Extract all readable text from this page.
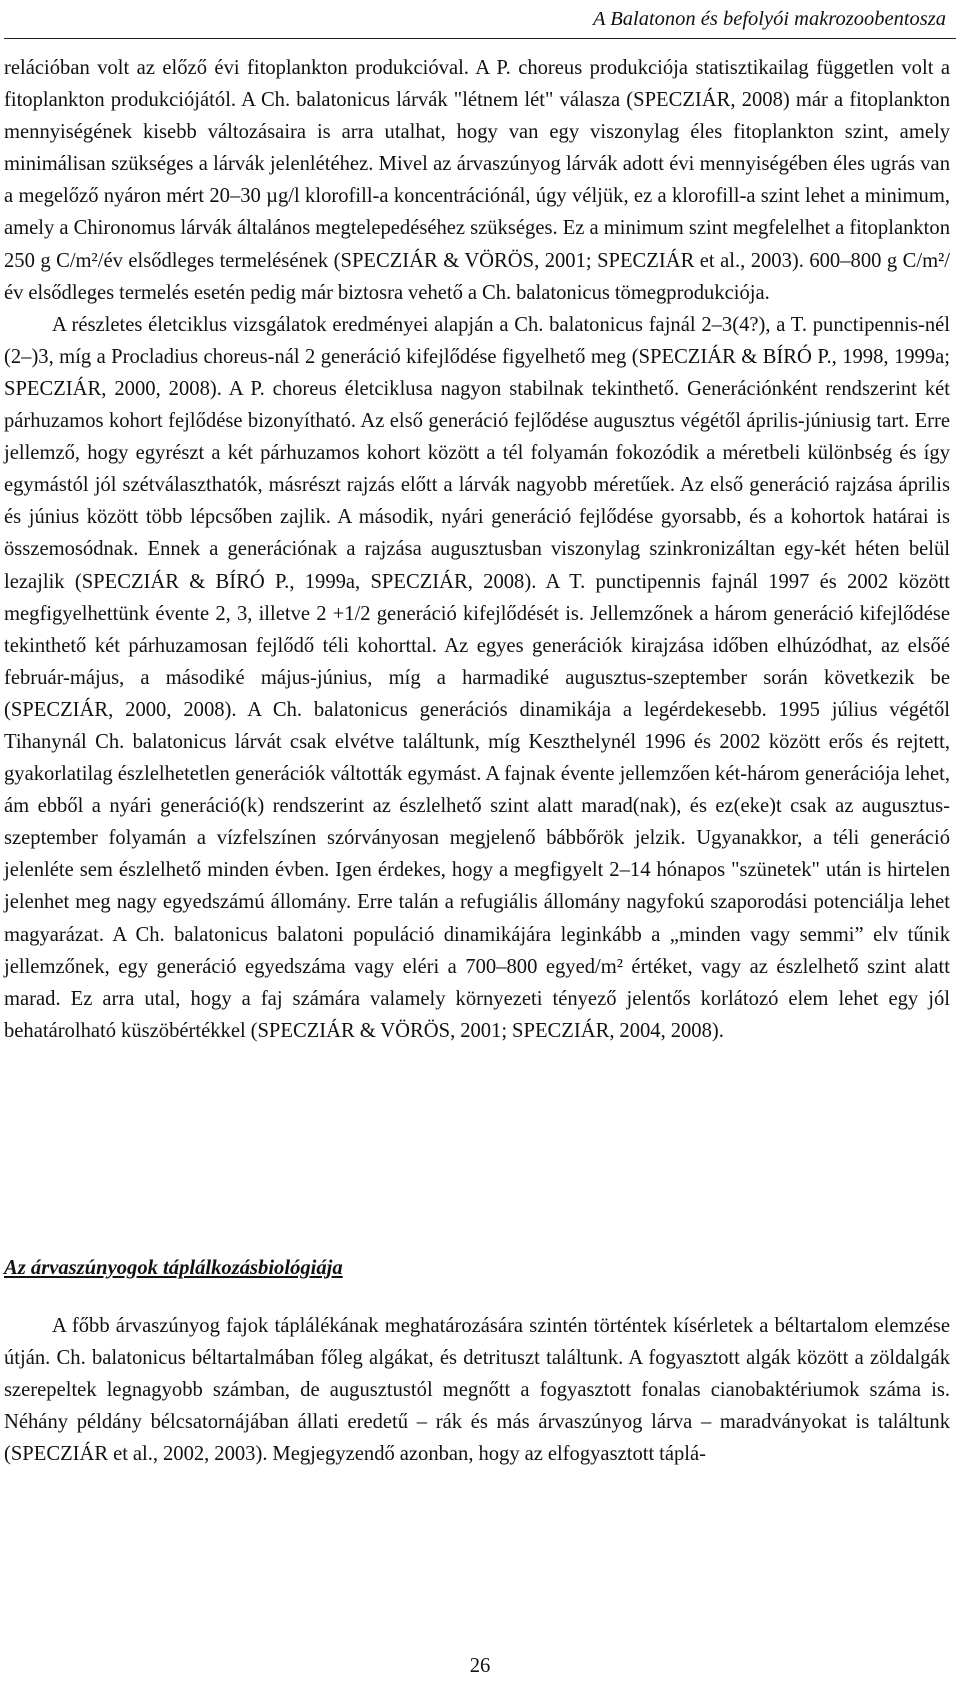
A Balatonon és befolyói makrozoobentosza

relációban volt az előző évi fitoplankton produkcióval. A P. choreus produkciója statisztikailag független volt a fitoplankton produkciójától. A Ch. balatonicus lárvák "létnem lét" válasza (SPECZIÁR, 2008) már a fitoplankton mennyiségének kisebb változásaira is arra utalhat, hogy van egy viszonylag éles fitoplankton szint, amely minimálisan szükséges a lárvák jelenlétéhez. Mivel az árvaszúnyog lárvák adott évi mennyiségében éles ugrás van a megelőző nyáron mért 20–30 µg/l klorofill-a koncentrációnál, úgy véljük, ez a klorofill-a szint lehet a minimum, amely a Chironomus lárvák általános megtelepedéséhez szükséges. Ez a minimum szint megfelelhet a fitoplankton 250 g C/m²/év elsődleges termelésének (SPECZIÁR & VÖRÖS, 2001; SPECZIÁR et al., 2003). 600–800 g C/m²/év elsődleges termelés esetén pedig már biztosra vehető a Ch. balatonicus tömegprodukciója.

A részletes életciklus vizsgálatok eredményei alapján a Ch. balatonicus fajnál 2–3(4?), a T. punctipennis-nél (2–)3, míg a Procladius choreus-nál 2 generáció kifejlődése figyelhető meg (SPECZIÁR & BÍRÓ P., 1998, 1999a; SPECZIÁR, 2000, 2008). A P. choreus életciklusa nagyon stabilnak tekinthető. Generációnként rendszerint két párhuzamos kohort fejlődése bizonyítható. Az első generáció fejlődése augusztus végétől április-júniusig tart. Erre jellemző, hogy egyrészt a két párhuzamos kohort között a tél folyamán fokozódik a méretbeli különbség és így egymástól jól szétválaszthatók, másrészt rajzás előtt a lárvák nagyobb méretűek. Az első generáció rajzása április és június között több lépcsőben zajlik. A második, nyári generáció fejlődése gyorsabb, és a kohortok határai is összemosódnak. Ennek a generációnak a rajzása augusztusban viszonylag szinkronizáltan egy-két héten belül lezajlik (SPECZIÁR & BÍRÓ P., 1999a, SPECZIÁR, 2008). A T. punctipennis fajnál 1997 és 2002 között megfigyelhettünk évente 2, 3, illetve 2 +1/2 generáció kifejlődését is. Jellemzőnek a három generáció kifejlődése tekinthető két párhuzamosan fejlődő téli kohorttal. Az egyes generációk kirajzása időben elhúzódhat, az elsőé február-május, a másodiké május-június, míg a harmadiké augusztus-szeptember során következik be (SPECZIÁR, 2000, 2008). A Ch. balatonicus generációs dinamikája a legérdekesebb. 1995 július végétől Tihanynál Ch. balatonicus lárvát csak elvétve találtunk, míg Keszthelynél 1996 és 2002 között erős és rejtett, gyakorlatilag észlelhetetlen generációk váltották egymást. A fajnak évente jellemzően két-három generációja lehet, ám ebből a nyári generáció(k) rendszerint az észlelhető szint alatt marad(nak), és ez(eke)t csak az augusztus-szeptember folyamán a vízfelszínen szórványosan megjelenő bábbőrök jelzik. Ugyanakkor, a téli generáció jelenléte sem észlelhető minden évben. Igen érdekes, hogy a megfigyelt 2–14 hónapos "szünetek" után is hirtelen jelenhet meg nagy egyedszámú állomány. Erre talán a refugiális állomány nagyfokú szaporodási potenciálja lehet magyarázat. A Ch. balatonicus balatoni populáció dinamikájára leginkább a „minden vagy semmi” elv tűnik jellemzőnek, egy generáció egyedszáma vagy eléri a 700–800 egyed/m² értéket, vagy az észlelhető szint alatt marad. Ez arra utal, hogy a faj számára valamely környezeti tényező jelentős korlátozó elem lehet egy jól behatárolható küszöbértékkel (SPECZIÁR & VÖRÖS, 2001; SPECZIÁR, 2004, 2008).

Az árvaszúnyogok táplálkozásbiológiája

A főbb árvaszúnyog fajok táplálékának meghatározására szintén történtek kísérletek a béltartalom elemzése útján. Ch. balatonicus béltartalmában főleg algákat, és detrituszt találtunk. A fogyasztott algák között a zöldalgák szerepeltek legnagyobb számban, de augusztustól megnőtt a fogyasztott fonalas cianobaktériumok száma is. Néhány példány bélcsatornájában állati eredetű – rák és más árvaszúnyog lárva – maradványokat is találtunk (SPECZIÁR et al., 2002, 2003). Megjegyzendő azonban, hogy az elfogyasztott táplá-

26
